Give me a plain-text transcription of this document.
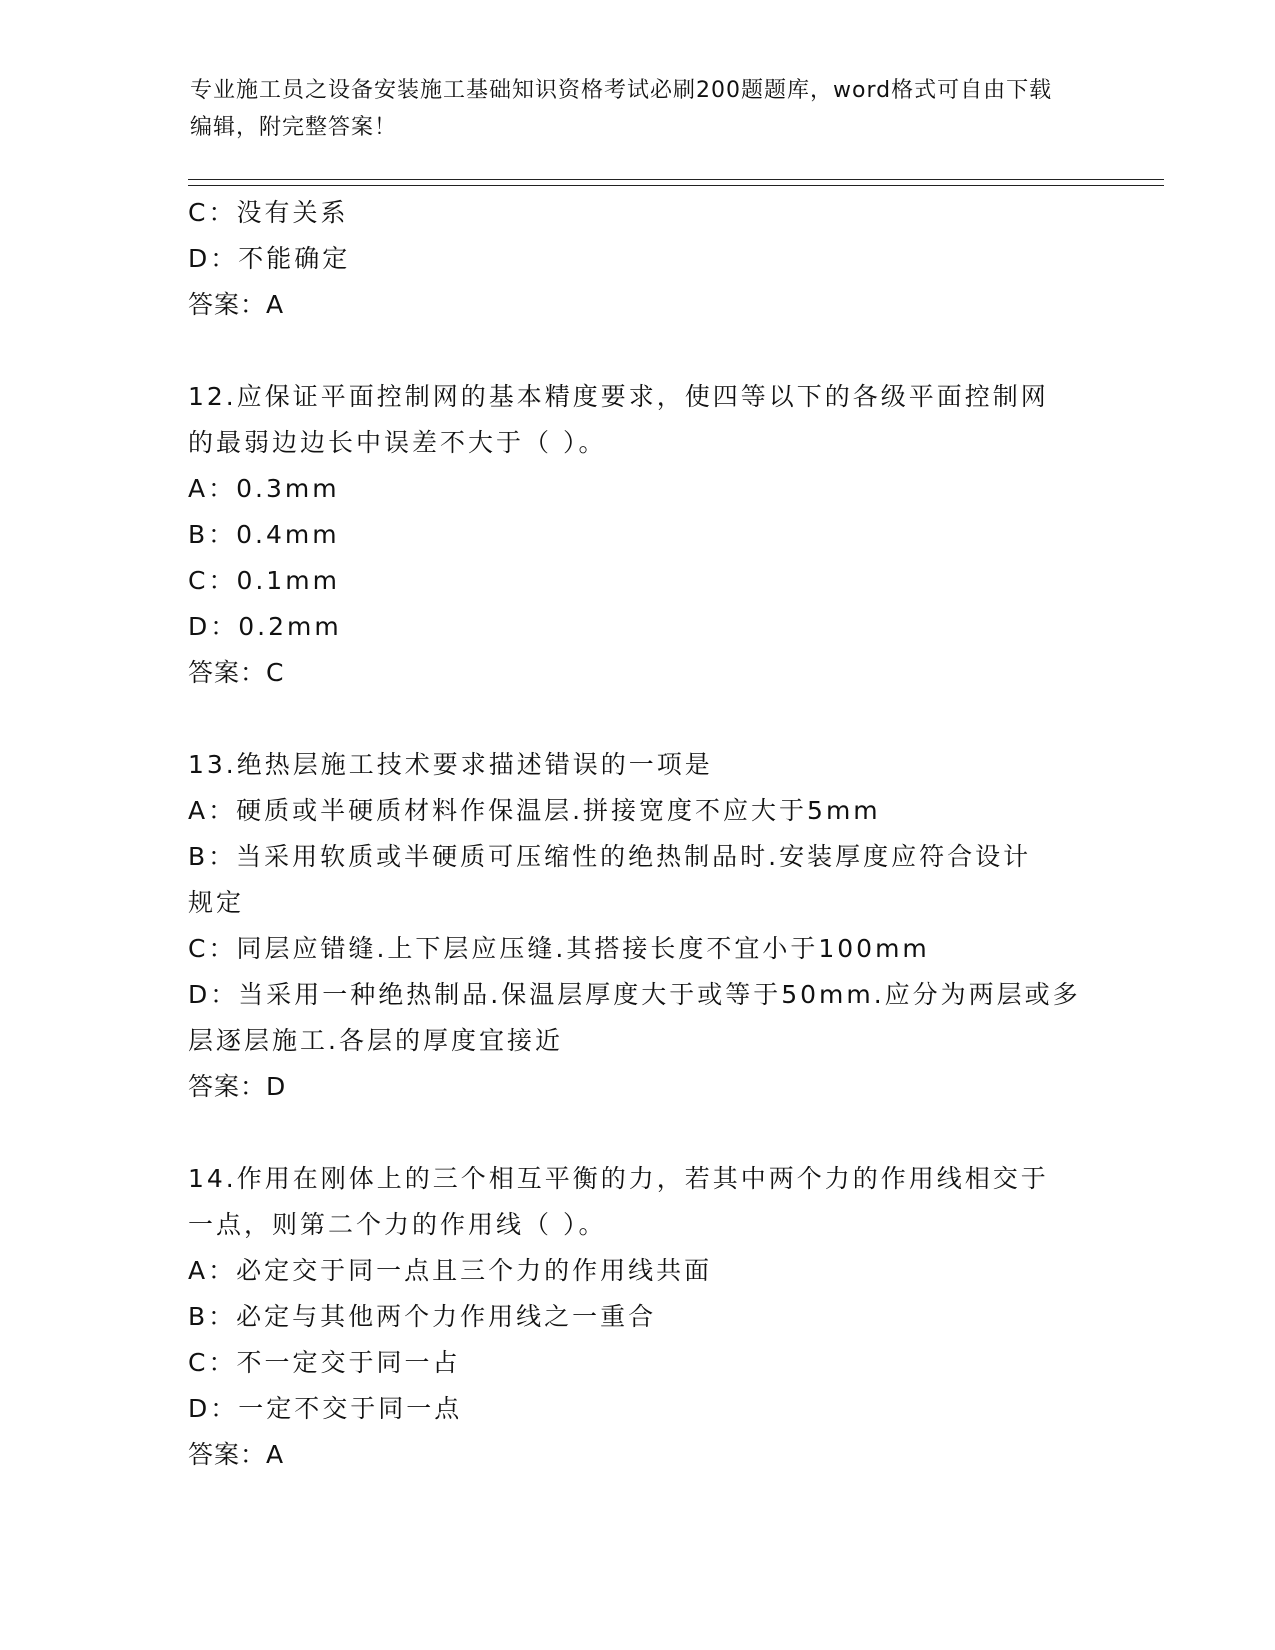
专业施工员之设备安装施工基础知识资格考试必刷200题题库，word格式可自由下载编辑，附完整答案！
C：没有关系
D：不能确定
答案：A
12.应保证平面控制网的基本精度要求，使四等以下的各级平面控制网
的最弱边边长中误差不大于（ ）。
A：0.3mm
B：0.4mm
C：0.1mm
D：0.2mm
答案：C
13.绝热层施工技术要求描述错误的一项是
A：硬质或半硬质材料作保温层.拼接宽度不应大于5mm
B：当采用软质或半硬质可压缩性的绝热制品时.安装厚度应符合设计
规定
C：同层应错缝.上下层应压缝.其搭接长度不宜小于100mm
D：当采用一种绝热制品.保温层厚度大于或等于50mm.应分为两层或多
层逐层施工.各层的厚度宜接近
答案：D
14.作用在刚体上的三个相互平衡的力，若其中两个力的作用线相交于
一点，则第二个力的作用线（ ）。
A：必定交于同一点且三个力的作用线共面
B：必定与其他两个力作用线之一重合
C：不一定交于同一占
D：一定不交于同一点
答案：A
